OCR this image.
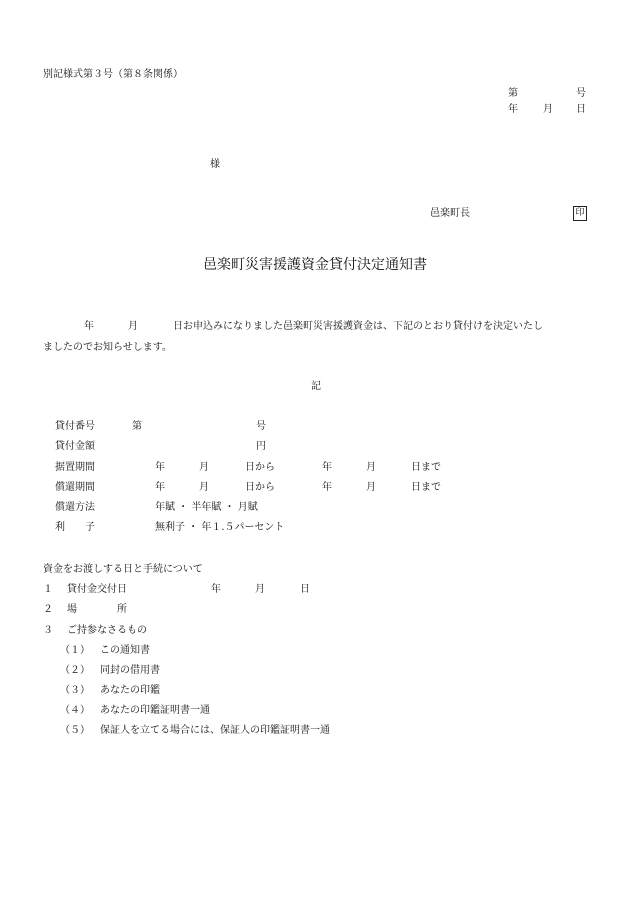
別記様式第３号（第８条関係）
第	号
年	月 日
様
邑楽町長	印
邑楽町災害援護資金貸付決定通知書
年	月	日お申込みになりました邑楽町災害援護資金は、下記のとおり貸付けを決定いたし
ましたのでお知らせします。
記
貸付番号	第	号
貸付金額	円
据置期間	年	月	日から	年	月	日まで
償還期間	年	月	日から	年	月	日まで
償還方法	年賦 ・ 半年賦 ・ 月賦
利　　子	無利子 ・ 年１.５パーセント
資金をお渡しする日と手続について
１ 貸付金交付日	年	月	日
２ 場　　　　所
３ ご持参なさるもの
（１） この通知書
（２） 同封の借用書
（３） あなたの印鑑
（４） あなたの印鑑証明書一通
（５） 保証人を立てる場合には、保証人の印鑑証明書一通
